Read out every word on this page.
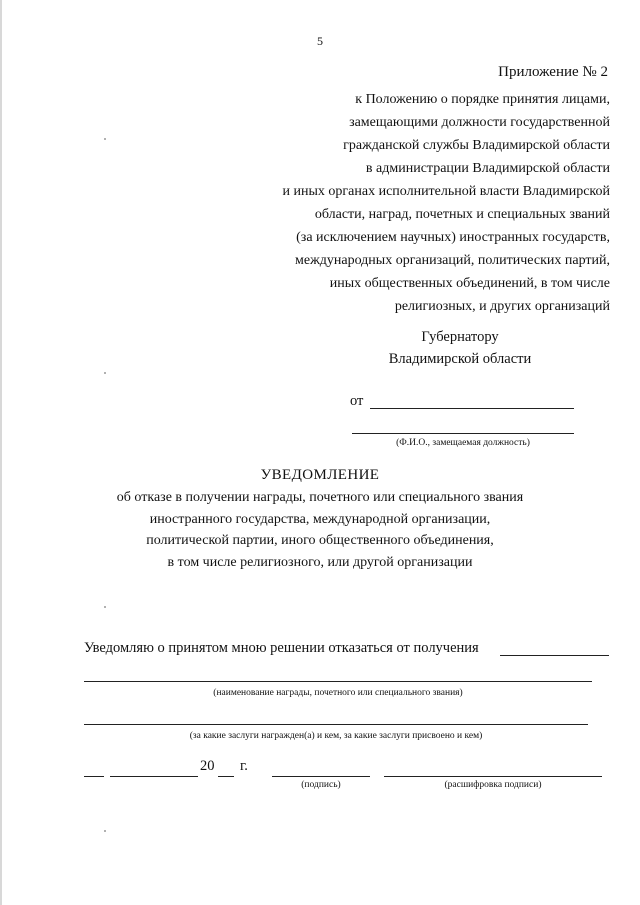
5
Приложение № 2
к Положению о порядке принятия лицами,
замещающими должности государственной
гражданской службы Владимирской области
в администрации Владимирской области
и иных органах исполнительной власти Владимирской
области, наград, почетных и специальных званий
(за исключением научных) иностранных государств,
международных организаций, политических партий,
иных общественных объединений, в том числе
религиозных, и других организаций
Губернатору
Владимирской области
от
(Ф.И.О., замещаемая должность)
УВЕДОМЛЕНИЕ
об отказе в получении награды, почетного или специального звания
иностранного государства, международной организации,
политической партии, иного общественного объединения,
в том числе религиозного, или другой организации
Уведомляю о принятом мною решении отказаться от получения
(наименование награды, почетного или специального звания)
(за какие заслуги награжден(а) и кем, за какие заслуги присвоено и кем)
20 г.
(подпись)	(расшифровка подписи)
